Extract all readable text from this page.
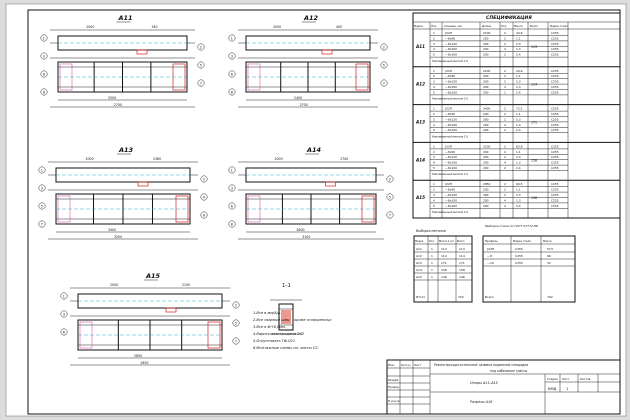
А11
2000	340
2500
2700
1
2
3
5
6
7
8
А12
2000	400
2400
2700
1
2
3
5
6
7
8
А13
2000	2380
3400
3200
1
2
3
4
5
6
7
А14
2000	2700
2800
3100
1
2
3
5
6
7
8
А15
2000	2150
2850
2850
1
2
3
5
6
7
1–1
1.Все в мм/А/А.
2.Все сварные швы кроме оговоренных
3.Все в Ф+6,0мм.
4.Варить электродами Э42
5.Огрунтовать ГФ-021
6.Монтажные схемы см. листы С2.
СПЕЦИФИКАЦИЯ
Марка	Поз.	Сечение, мм	Длина	Кол.	Масса	Всего	Марка стали
А11
1	[22П	2100	2	44,6	С255
2	—8х90	200	2	1,1	С255
3	—8х120	300	2	2,3	С255
4	—8х100	200	4	1,3	С255
5	—8х100	200	1	2,4	С255
Наплавленный металл 1%
113
А12
1	[22П	2100	2	44,6	С255
2	—8х90	200	2	1,1	С255
3	—8х120	300	2	2,3	С255
4	—8х100	200	4	1,3	С255
5	—8х100	200	1	2,4	С255
Наплавленный металл 1%
114
А13
1	[22П	3400	2	72,2	С255
2	—8х90	200	2	1,1	С255
3	—8х120	300	2	2,3	С255
4	—8х100	200	4	1,3	С255
5	—8х100	200	2	2,4	С255
Наплавленный металл 1%
171
А14
1	[22П	3100	2	65,8	С255
2	—8х90	200	2	1,1	С255
3	—8х120	300	2	2,3	С255
4	—8х100	200	4	1,3	С255
5	—8х100	200	2	2,4	С255
Наплавленный металл 1%
158
А15
1	[22П	2850	2	60,5	С255
2	—8х90	200	2	1,1	С255
3	—8х120	300	2	2,3	С255
4	—8х100	200	4	1,3	С255
5	—8х100	200	2	2,4	С255
Наплавленный металл 1%
146
Выборка металла
Марка Кол. Масса 1 шт Всего
А11	1	113	113
А12	1	114	114
А13	1	171	171
А14	1	158	158
А15	1	146	146
Итого	702
Выборка стали по ГОСТ 27772-88
Профиль	Марка стали	Масса
[22П	С255	574
—8	С255	96
—10	С255	32
Всего	702
Изм. Кол.уч Лист
Разраб.
Провер.
Н.контр.
Реконструкция котельной: заливка подвесной площадки
под кабельные трассы
Опоры А11–А15
Разрезы А16
Стадия Лист	Листов
КМД	1
